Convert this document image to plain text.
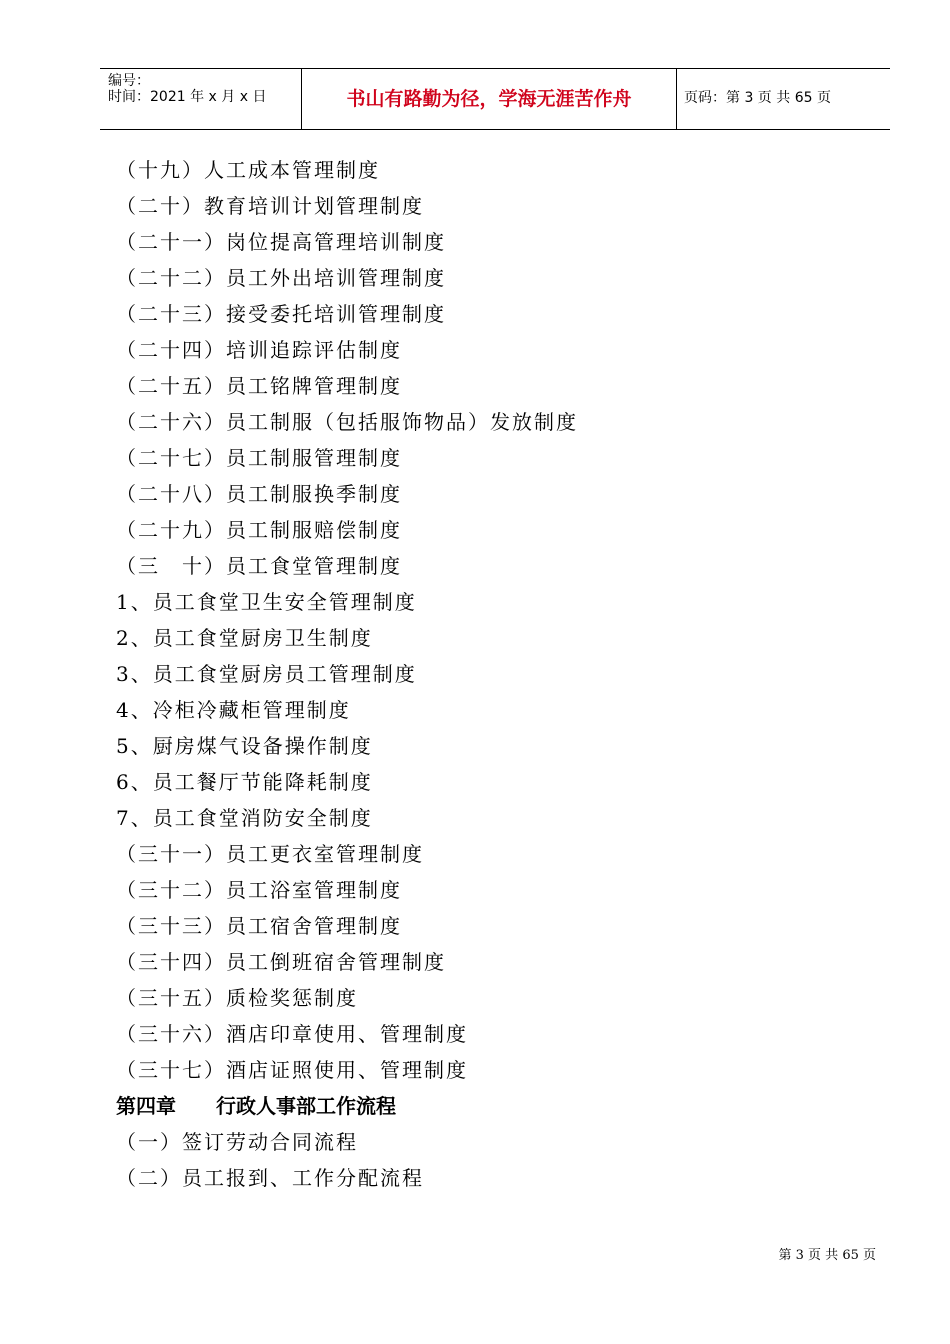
编号：
时间：2021 年 x 月 x 日	书山有路勤为径，学海无涯苦作舟	页码：第 3 页 共 65 页
（十九）人工成本管理制度
（二十）教育培训计划管理制度
（二十一）岗位提高管理培训制度
（二十二）员工外出培训管理制度
（二十三）接受委托培训管理制度
（二十四）培训追踪评估制度
（二十五）员工铭牌管理制度
（二十六）员工制服（包括服饰物品）发放制度
（二十七）员工制服管理制度
（二十八）员工制服换季制度
（二十九）员工制服赔偿制度
（三　十）员工食堂管理制度
1、员工食堂卫生安全管理制度
2、员工食堂厨房卫生制度
3、员工食堂厨房员工管理制度
4、冷柜冷藏柜管理制度
5、厨房煤气设备操作制度
6、员工餐厅节能降耗制度
7、员工食堂消防安全制度
（三十一）员工更衣室管理制度
（三十二）员工浴室管理制度
（三十三）员工宿舍管理制度
（三十四）员工倒班宿舍管理制度
（三十五）质检奖惩制度
（三十六）酒店印章使用、管理制度
（三十七）酒店证照使用、管理制度
第四章 行政人事部工作流程
（一）签订劳动合同流程
（二）员工报到、工作分配流程
第 3 页 共 65 页
